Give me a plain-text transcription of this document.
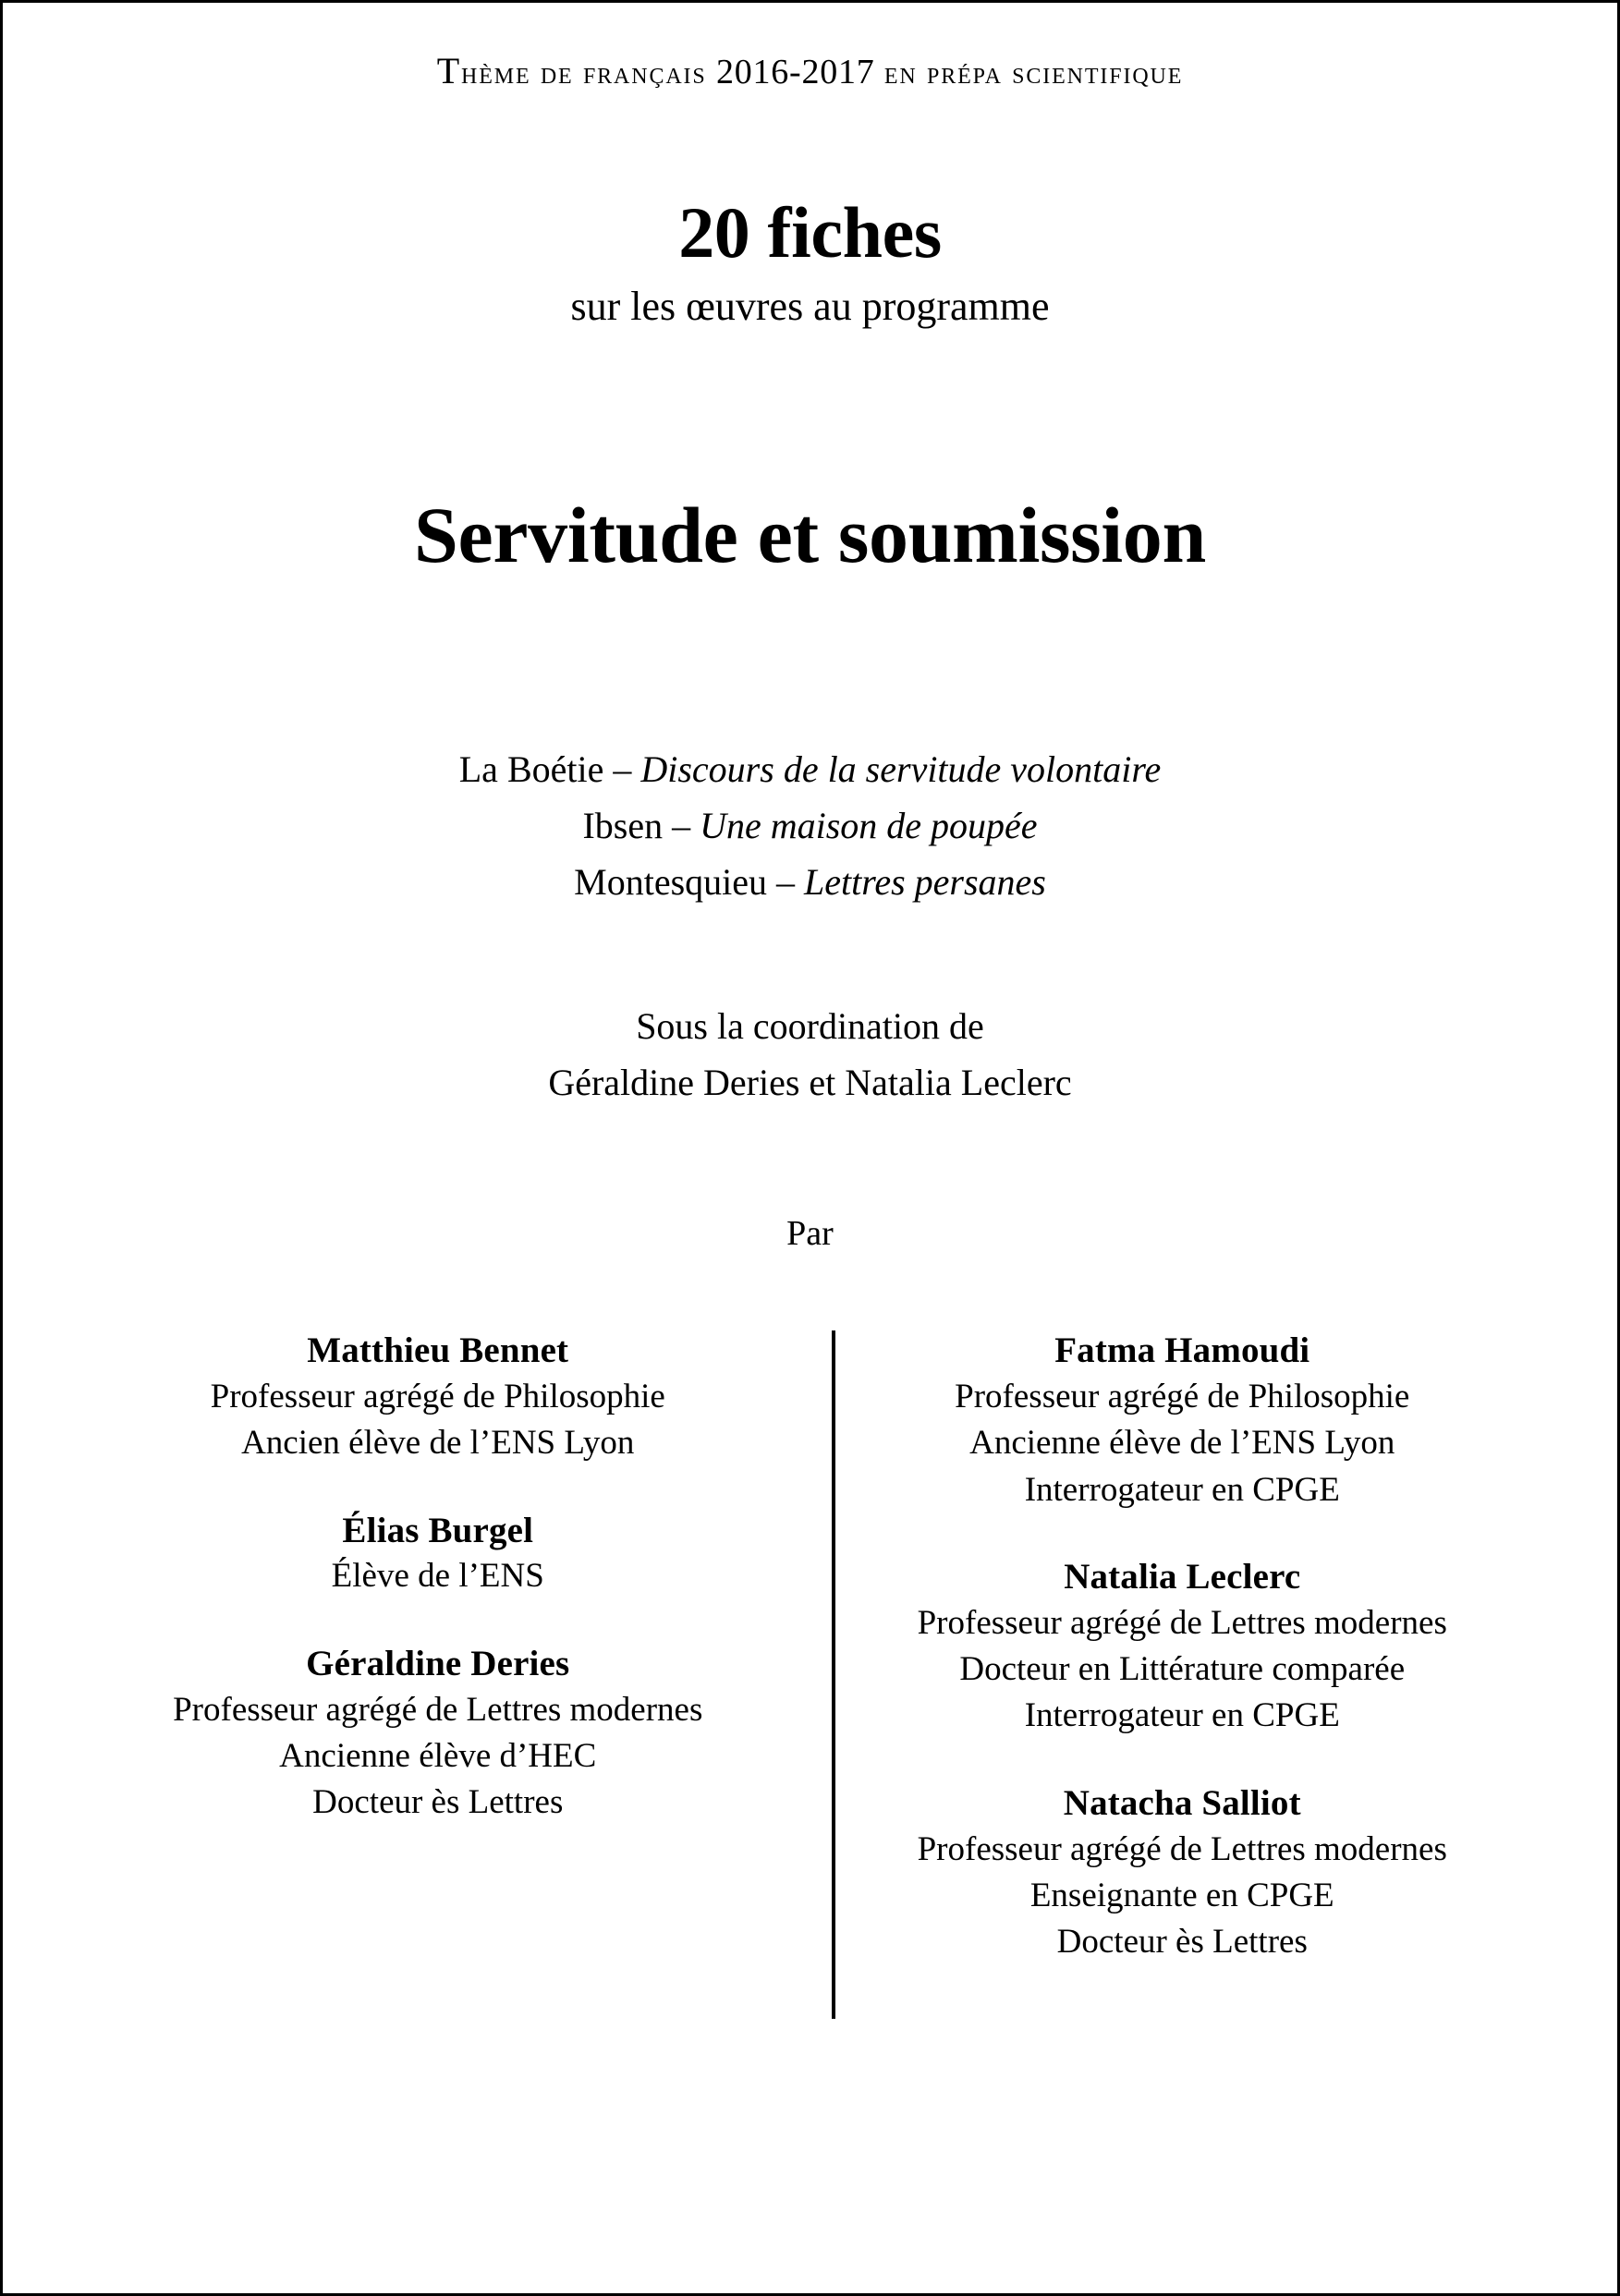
Thème de français 2016-2017 en prépa scientifique
20 fiches
sur les œuvres au programme
Servitude et soumission
La Boétie – Discours de la servitude volontaire
Ibsen – Une maison de poupée
Montesquieu – Lettres persanes
Sous la coordination de
Géraldine Deries et Natalia Leclerc
Par
Matthieu Bennet
Professeur agrégé de Philosophie
Ancien élève de l’ENS Lyon
Élias Burgel
Élève de l’ENS
Géraldine Deries
Professeur agrégé de Lettres modernes
Ancienne élève d’HEC
Docteur ès Lettres
Fatma Hamoudi
Professeur agrégé de Philosophie
Ancienne élève de l’ENS Lyon
Interrogateur en CPGE
Natalia Leclerc
Professeur agrégé de Lettres modernes
Docteur en Littérature comparée
Interrogateur en CPGE
Natacha Salliot
Professeur agrégé de Lettres modernes
Enseignante en CPGE
Docteur ès Lettres
